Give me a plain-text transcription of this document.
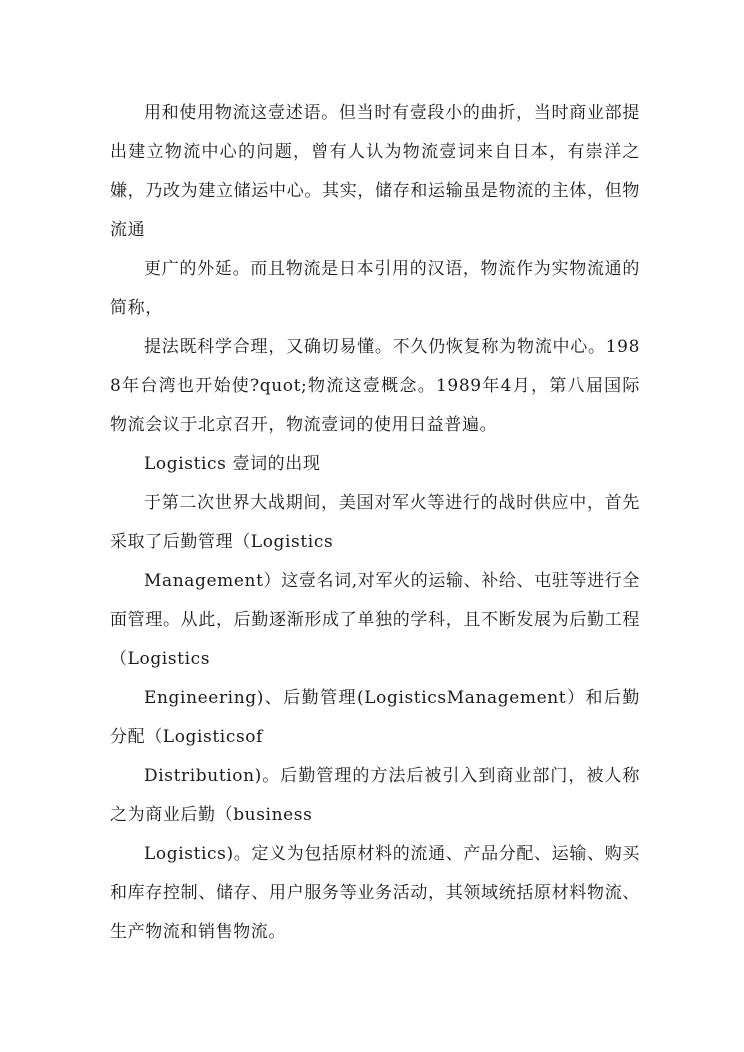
用和使用物流这壹述语。但当时有壹段小的曲折，当时商业部提出建立物流中心的问题，曾有人认为物流壹词来自日本，有崇洋之嫌，乃改为建立储运中心。其实，储存和运输虽是物流的主体，但物流通

更广的外延。而且物流是日本引用的汉语，物流作为实物流通的简称，

提法既科学合理，又确切易懂。不久仍恢复称为物流中心。1988年台湾也开始使?quot;物流这壹概念。1989年4月，第八届国际物流会议于北京召开，物流壹词的使用日益普遍。

Logistics 壹词的出现

于第二次世界大战期间，美国对军火等进行的战时供应中，首先采取了后勤管理（Logistics

Management）这壹名词,对军火的运输、补给、屯驻等进行全面管理。从此，后勤逐渐形成了单独的学科，且不断发展为后勤工程（Logistics

Engineering)、后勤管理(LogisticsManagement）和后勤分配（Logisticsof

Distribution)。后勤管理的方法后被引入到商业部门，被人称之为商业后勤（business

Logistics)。定义为包括原材料的流通、产品分配、运输、购买和库存控制、储存、用户服务等业务活动，其领域统括原材料物流、生产物流和销售物流。
